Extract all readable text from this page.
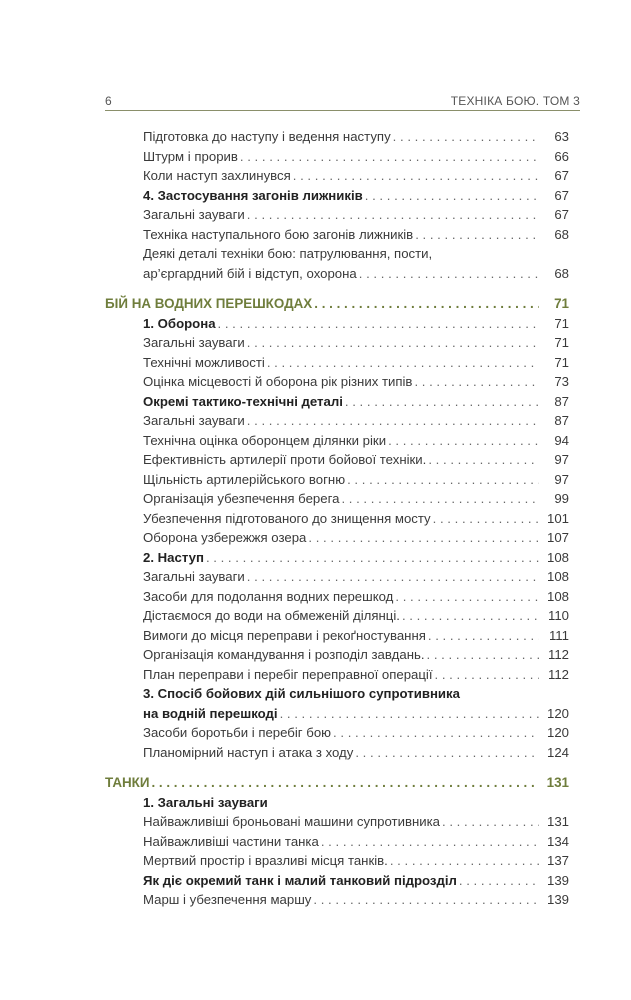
6	ТЕХНІКА БОЮ. ТОМ 3
Підготовка до наступу і ведення наступу . . .	63
Штурм і прорив . . .	66
Коли наступ захлинувся . . .	67
4. Застосування загонів лижників . . .	67
Загальні зауваги . . .	67
Техніка наступального бою загонів лижників . . .	68
Деякі деталі техніки бою: патрулювання, пости,
ар’єргардний бій і відступ, охорона . . .	68
БІЙ НА ВОДНИХ ПЕРЕШКОДАХ . . .	71
1. Оборона . . .	71
Загальні зауваги . . .	71
Технічні можливості . . .	71
Оцінка місцевості й оборона рік різних типів . . .	73
Окремі тактико-технічні деталі . . .	87
Загальні зауваги . . .	87
Технічна оцінка оборонцем ділянки ріки . . .	94
Ефективність артилерії проти бойової техніки. . . .	97
Щільність артилерійського вогню . . .	97
Організація убезпечення берега . . .	99
Убезпечення підготованого до знищення мосту . . .	101
Оборона узбережжя озера . . .	107
2. Наступ . . .	108
Загальні зауваги . . .	108
Засоби для подолання водних перешкод . . .	108
Дістаємося до води на обмеженій ділянці. . . .	110
Вимоги до місця переправи і рекоґностування . . .	111
Організація командування і розподіл завдань. . . .	112
План переправи і перебіг переправної операції . . .	112
3. Спосіб бойових дій сильнішого супротивника
на водній перешкоді . . .	120
Засоби боротьби і перебіг бою . . .	120
Планомірний наступ і атака з ходу . . .	124
ТАНКИ . . .	131
1. Загальні зауваги
Найважливіші броньовані машини супротивника . . .	131
Найважливіші частини танка . . .	134
Мертвий простір і вразливі місця танків. . . .	137
Як діє окремий танк і малий танковий підрозділ . . .	139
Марш і убезпечення маршу . . .	139
